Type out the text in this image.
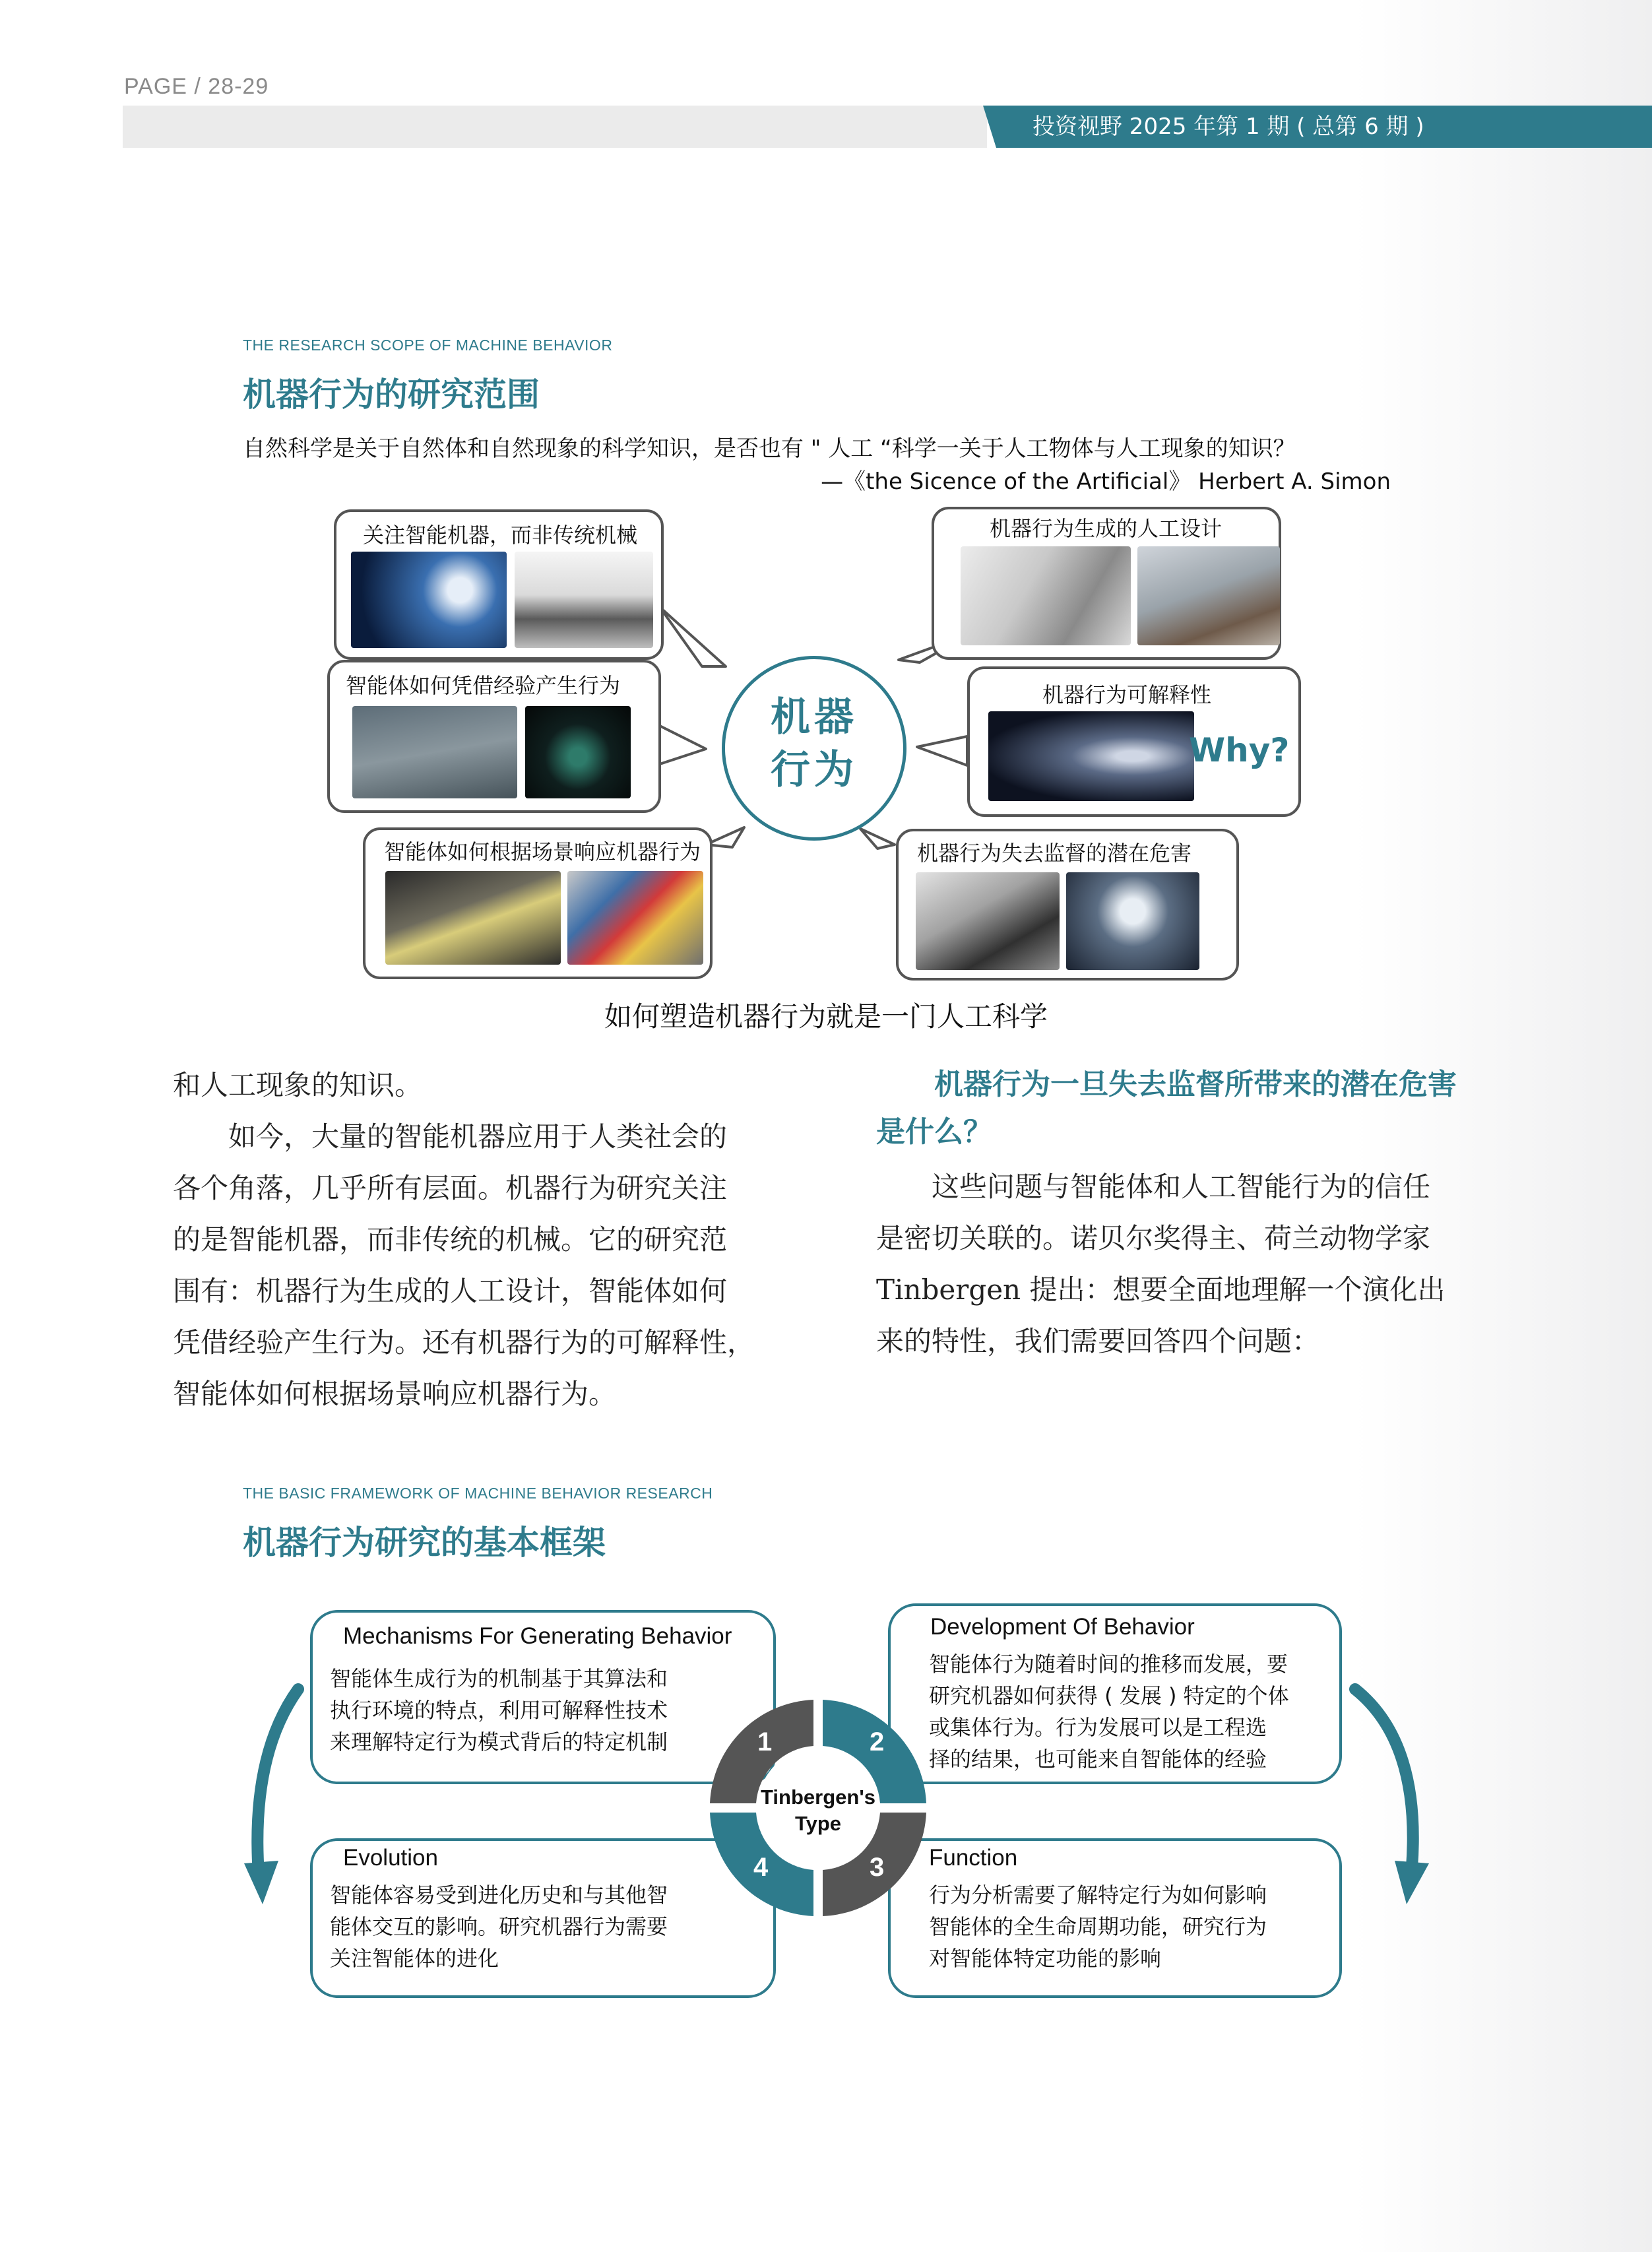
PAGE / 28-29
投资视野 2025 年第 1 期 ( 总第 6 期 )
THE RESEARCH SCOPE OF MACHINE BEHAVIOR
机器行为的研究范围
自然科学是关于自然体和自然现象的科学知识，是否也有 " 人工 “科学一关于人工物体与人工现象的知识？
—《the Sicence of the Artificial》 Herbert A. Simon
关注智能机器，而非传统机械	机器行为生成的人工设计
智能体如何凭借经验产生行为	机器行为可解释性
智能体如何根据场景响应机器行为	机器行为失去监督的潜在危害
机器
行为	Why?
如何塑造机器行为就是一门人工科学

和人工现象的知识。

　　如今，大量的智能机器应用于人类社会的

各个角落，几乎所有层面。机器行为研究关注

的是智能机器，而非传统的机械。它的研究范

围有：机器行为生成的人工设计，智能体如何

凭借经验产生行为。还有机器行为的可解释性，

智能体如何根据场景响应机器行为。

　　机器行为一旦失去监督所带来的潜在危害
是什么？

　　这些问题与智能体和人工智能行为的信任

是密切关联的。诺贝尔奖得主、荷兰动物学家

Tinbergen 提出：想要全面地理解一个演化出

来的特性，我们需要回答四个问题：

THE BASIC FRAMEWORK OF MACHINE BEHAVIOR RESEARCH
机器行为研究的基本框架
Mechanisms For Generating Behavior

智能体生成行为的机制基于其算法和

执行环境的特点，利用可解释性技术

来理解特定行为模式背后的特定机制

Development Of Behavior

智能体行为随着时间的推移而发展，要

研究机器如何获得 ( 发展 ) 特定的个体

或集体行为。行为发展可以是工程选

择的结果，也可能来自智能体的经验

Evolution

智能体容易受到进化历史和与其他智

能体交互的影响。研究机器行为需要

关注智能体的进化

Function

行为分析需要了解特定行为如何影响

智能体的全生命周期功能，研究行为

对智能体特定功能的影响

1	2
3
4
Tinbergen's
Type
